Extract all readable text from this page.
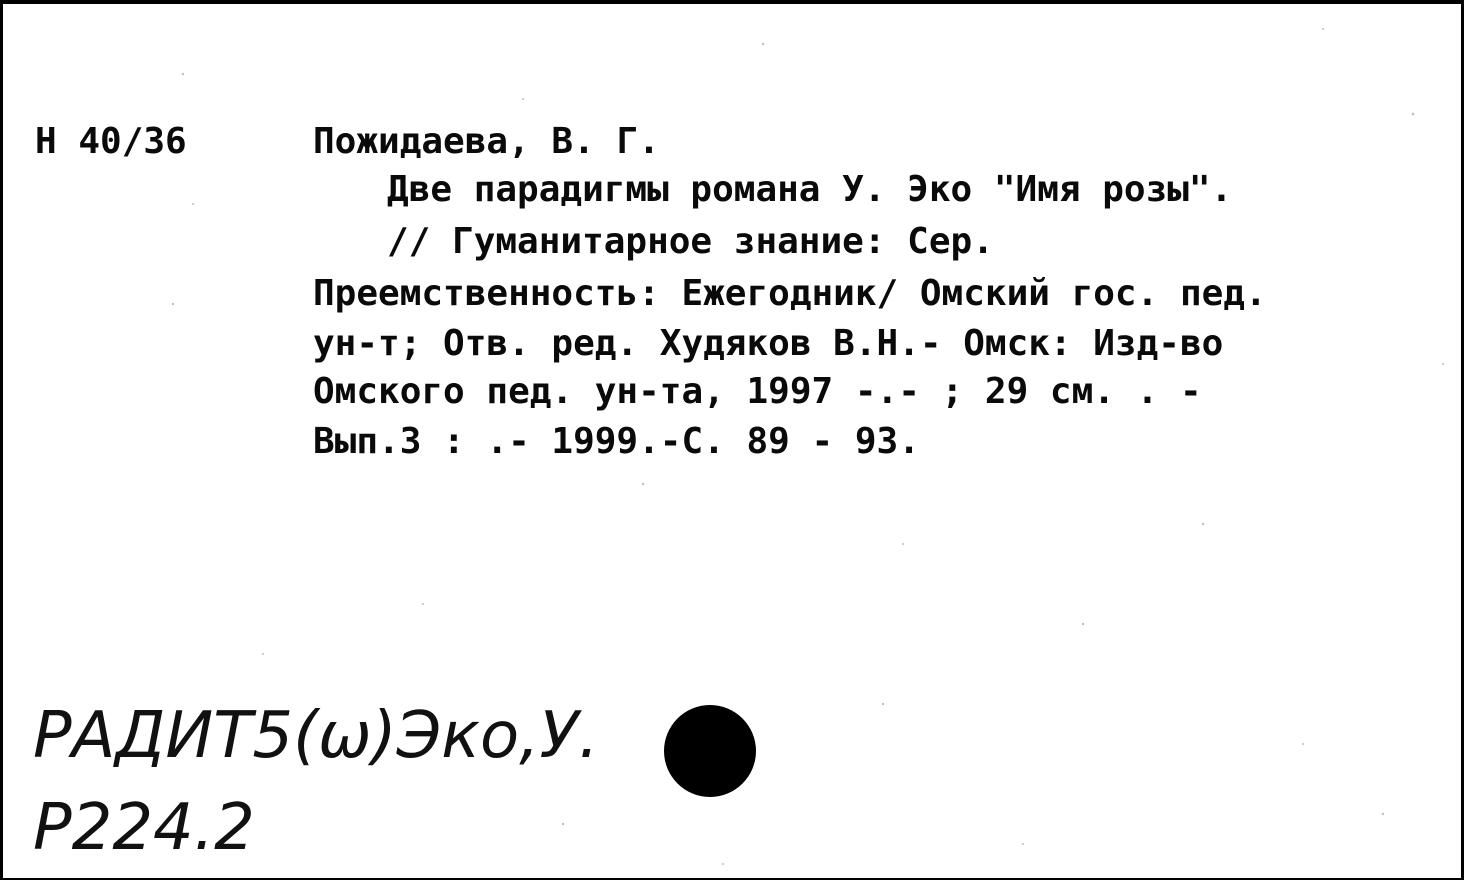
Н 40/36	Пожидаева, В. Г.
Две парадигмы романа У. Эко "Имя розы".
// Гуманитарное знание: Сер.
Преемственность: Ежегодник/ Омский гос. пед.
ун-т; Отв. ред. Худяков В.Н.- Омск: Изд-во
Омского пед. ун-та, 1997 -.- ; 29 см. . -
Вып.3 : .- 1999.-С. 89 - 93.
РАДИТ5(ω)Эко,У.
Р224.2
